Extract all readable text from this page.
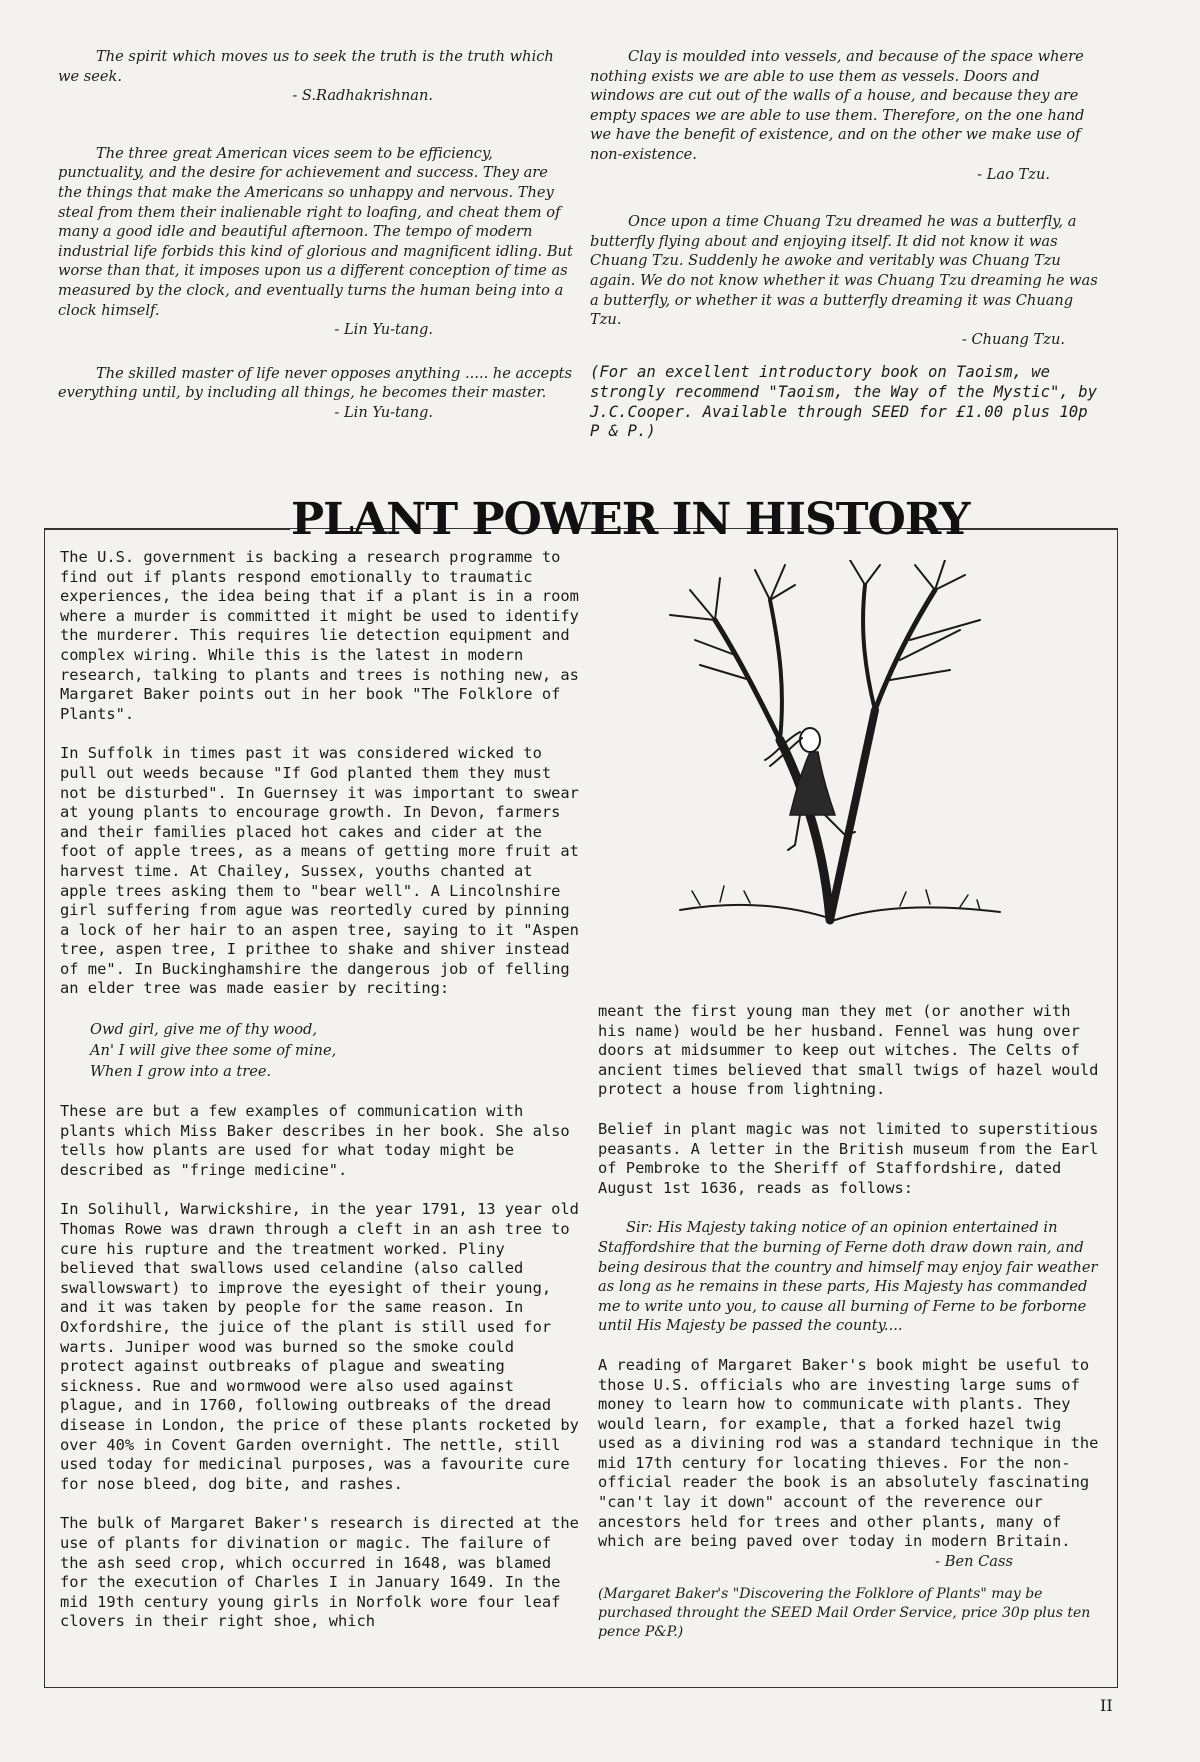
The spirit which moves us to seek the truth is the truth which we seek.

- S.Radhakrishnan.

The three great American vices seem to be efficiency, punctuality, and the desire for achievement and success. They are the things that make the Americans so unhappy and nervous. They steal from them their inalienable right to loafing, and cheat them of many a good idle and beautiful afternoon. The tempo of modern industrial life forbids this kind of glorious and magnificent idling. But worse than that, it imposes upon us a different conception of time as measured by the clock, and eventually turns the human being into a clock himself.

- Lin Yu-tang.

The skilled master of life never opposes anything ..... he accepts everything until, by including all things, he becomes their master.

- Lin Yu-tang.

Clay is moulded into vessels, and because of the space where nothing exists we are able to use them as vessels. Doors and windows are cut out of the walls of a house, and because they are empty spaces we are able to use them. Therefore, on the one hand we have the benefit of existence, and on the other we make use of non-existence.

- Lao Tzu.

Once upon a time Chuang Tzu dreamed he was a butterfly, a butterfly flying about and enjoying itself. It did not know it was Chuang Tzu. Suddenly he awoke and veritably was Chuang Tzu again. We do not know whether it was Chuang Tzu dreaming he was a butterfly, or whether it was a butterfly dreaming it was Chuang Tzu.

- Chuang Tzu.
(For an excellent introductory book on Taoism, we strongly recommend "Taoism, the Way of the Mystic", by J.C.Cooper. Available through SEED for £1.00 plus 10p P & P.)
PLANT POWER IN HISTORY

The U.S. government is backing a research programme to find out if plants respond emotionally to traumatic experiences, the idea being that if a plant is in a room where a murder is committed it might be used to identify the murderer. This requires lie detection equipment and complex wiring. While this is the latest in modern research, talking to plants and trees is nothing new, as Margaret Baker points out in her book "The Folklore of Plants".

In Suffolk in times past it was considered wicked to pull out weeds because "If God planted them they must not be disturbed". In Guernsey it was important to swear at young plants to encourage growth. In Devon, farmers and their families placed hot cakes and cider at the foot of apple trees, as a means of getting more fruit at harvest time. At Chailey, Sussex, youths chanted at apple trees asking them to "bear well". A Lincolnshire girl suffering from ague was reortedly cured by pinning a lock of her hair to an aspen tree, saying to it "Aspen tree, aspen tree, I prithee to shake and shiver instead of me". In Buckinghamshire the dangerous job of felling an elder tree was made easier by reciting:

Owd girl, give me of thy wood,
An' I will give thee some of mine,
When I grow into a tree.

These are but a few examples of communication with plants which Miss Baker describes in her book. She also tells how plants are used for what today might be described as "fringe medicine".

In Solihull, Warwickshire, in the year 1791, 13 year old Thomas Rowe was drawn through a cleft in an ash tree to cure his rupture and the treatment worked. Pliny believed that swallows used celandine (also called swallowswart) to improve the eyesight of their young, and it was taken by people for the same reason. In Oxfordshire, the juice of the plant is still used for warts. Juniper wood was burned so the smoke could protect against outbreaks of plague and sweating sickness. Rue and wormwood were also used against plague, and in 1760, following outbreaks of the dread disease in London, the price of these plants rocketed by over 40% in Covent Garden overnight. The nettle, still used today for medicinal purposes, was a favourite cure for nose bleed, dog bite, and rashes.

The bulk of Margaret Baker's research is directed at the use of plants for divination or magic. The failure of the ash seed crop, which occurred in 1648, was blamed for the execution of Charles I in January 1649. In the mid 19th century young girls in Norfolk wore four leaf clovers in their right shoe, which

meant the first young man they met (or another with his name) would be her husband. Fennel was hung over doors at midsummer to keep out witches. The Celts of ancient times believed that small twigs of hazel would protect a house from lightning.

Belief in plant magic was not limited to superstitious peasants. A letter in the British museum from the Earl of Pembroke to the Sheriff of Staffordshire, dated August 1st 1636, reads as follows:

Sir: His Majesty taking notice of an opinion entertained in Staffordshire that the burning of Ferne doth draw down rain, and being desirous that the country and himself may enjoy fair weather as long as he remains in these parts, His Majesty has commanded me to write unto you, to cause all burning of Ferne to be forborne until His Majesty be passed the county....

A reading of Margaret Baker's book might be useful to those U.S. officials who are investing large sums of money to learn how to communicate with plants. They would learn, for example, that a forked hazel twig used as a divining rod was a standard technique in the mid 17th century for locating thieves. For the non-official reader the book is an absolutely fascinating "can't lay it down" account of the reverence our ancestors held for trees and other plants, many of which are being paved over today in modern Britain.

- Ben Cass

(Margaret Baker's "Discovering the Folklore of Plants" may be purchased throught the SEED Mail Order Service, price 30p plus ten pence P&P.)

II
